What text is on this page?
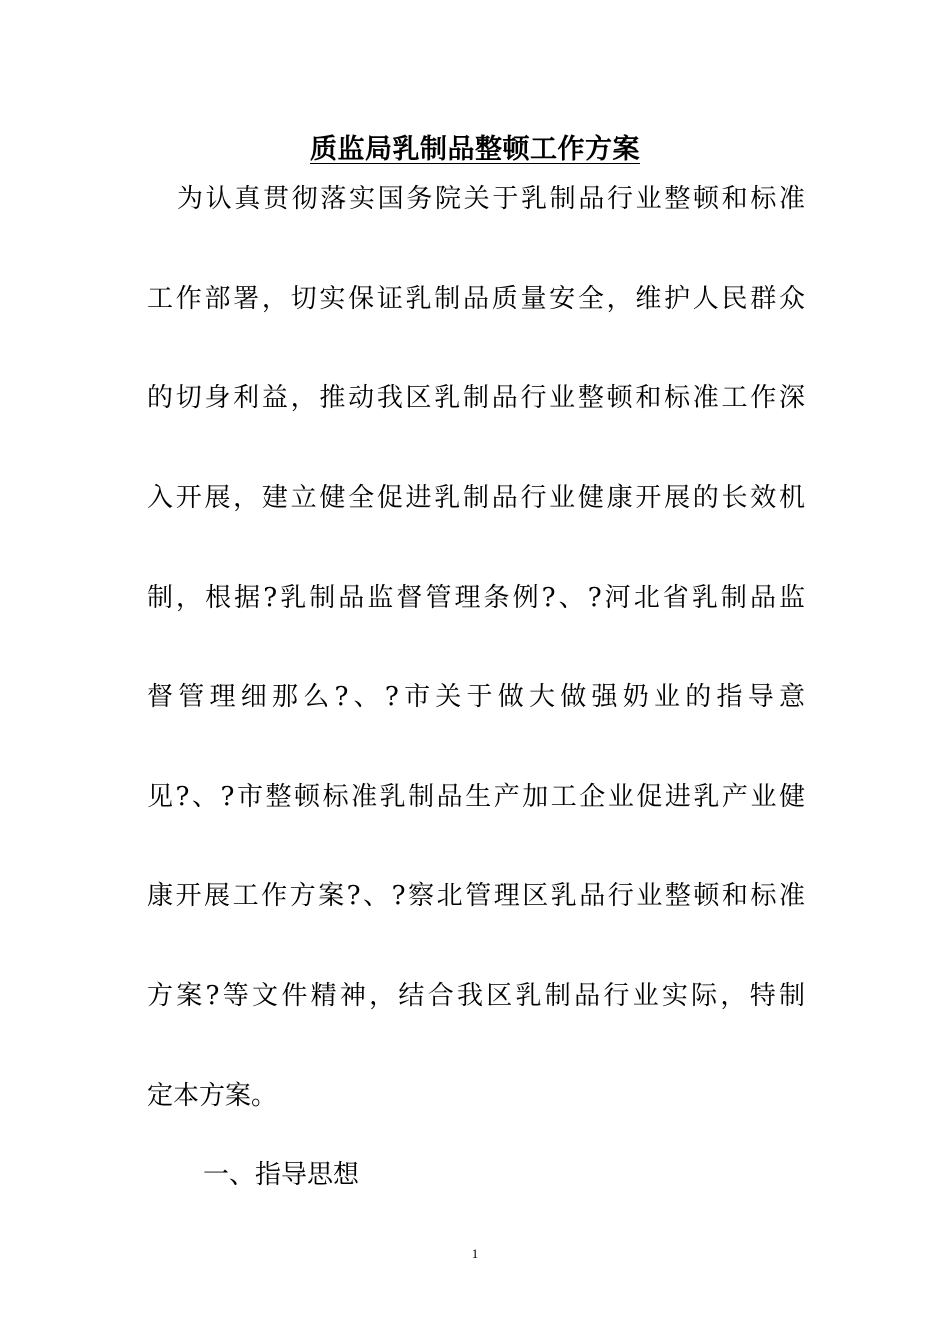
质监局乳制品整顿工作方案
为认真贯彻落实国务院关于乳制品行业整顿和标准
工作部署，切实保证乳制品质量安全，维护人民群众
的切身利益，推动我区乳制品行业整顿和标准工作深
入开展，建立健全促进乳制品行业健康开展的长效机
制，根据?乳制品监督管理条例?、?河北省乳制品监
督管理细那么?、?市关于做大做强奶业的指导意
见?、?市整顿标准乳制品生产加工企业促进乳产业健
康开展工作方案?、?察北管理区乳品行业整顿和标准
方案?等文件精神，结合我区乳制品行业实际，特制
定本方案。
一、指导思想
1
